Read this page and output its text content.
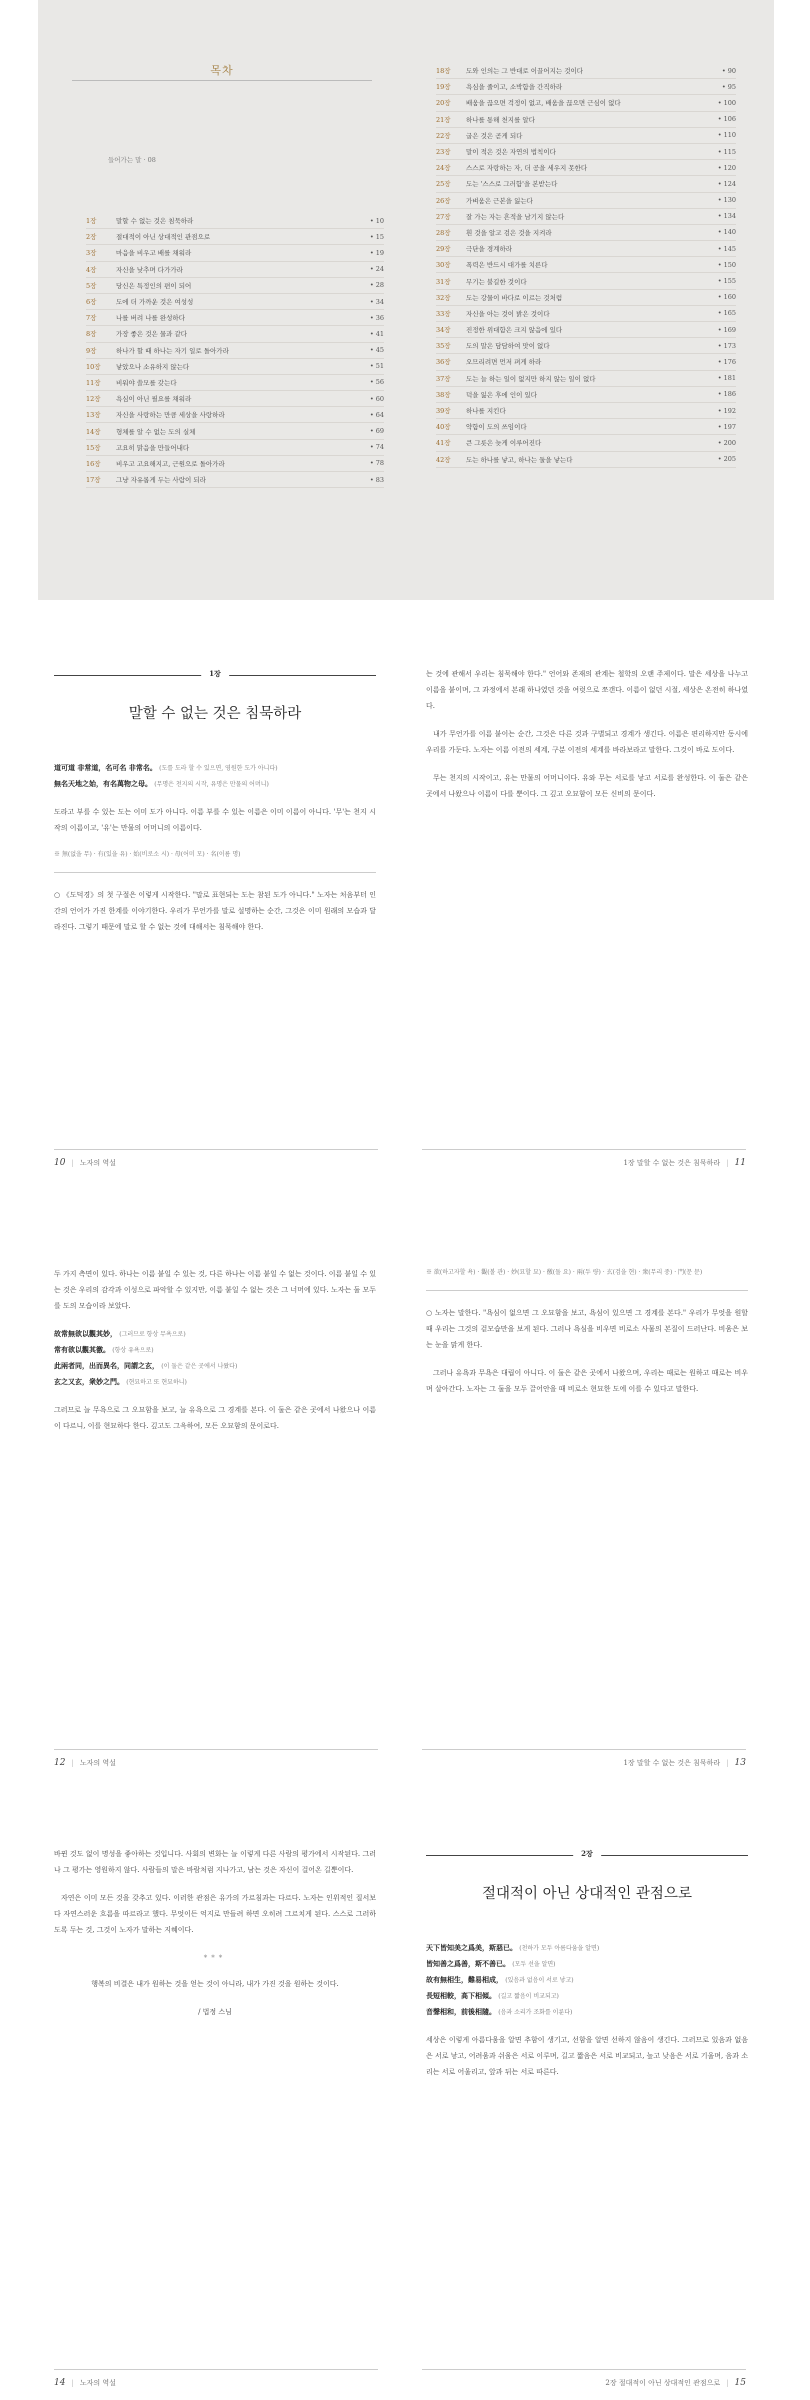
목차
들어가는 말 · 08
1장	말할 수 없는 것은 침묵하라	• 10
2장	절대적이 아닌 상대적인 관점으로	• 15
3장	마음을 비우고 배를 채워라	• 19
4장	자신을 낮추며 다가가라	• 24
5장	당신은 특정인의 편이 되어	• 28
6장	도에 더 가까운 것은 여성성	• 34
7장	나를 버려 나를 완성하다	• 36
8장	가장 좋은 것은 물과 같다	• 41
9장	하나가 할 때 하나는 자기 일로 돌아가라	• 45
10장	낳았으나 소유하지 않는다	• 51
11장	비워야 쓸모를 갖는다	• 56
12장	욕심이 아닌 필요를 채워라	• 60
13장	자신을 사랑하는 만큼 세상을 사랑하라	• 64
14장	형체를 알 수 없는 도의 실체	• 69
15장	고요히 맑음을 만들어내다	• 74
16장	비우고 고요해지고, 근원으로 돌아가라	• 78
17장	그냥 자유롭게 두는 사람이 되라	• 83
18장	도와 인의는 그 반대로 이끌어지는 것이다	• 90
19장	욕심을 줄이고, 소박함을 간직하라	• 95
20장	배움을 끊으면 걱정이 없고, 배움을 끊으면 근심이 없다	• 100
21장	하나를 통해 천지를 알다	• 106
22장	굽은 것은 곧게 되다	• 110
23장	말이 적은 것은 자연의 법칙이다	• 115
24장	스스로 자랑하는 자, 더 공을 세우지 못한다	• 120
25장	도는 '스스로 그러함'을 본받는다	• 124
26장	가벼움은 근본을 잃는다	• 130
27장	잘 가는 자는 흔적을 남기지 않는다	• 134
28장	흰 것을 알고 검은 것을 지켜라	• 140
29장	극단을 경계하라	• 145
30장	폭력은 반드시 대가를 치른다	• 150
31장	무기는 불길한 것이다	• 155
32장	도는 강물이 바다로 이르는 것처럼	• 160
33장	자신을 아는 것이 밝은 것이다	• 165
34장	진정한 위대함은 크지 않음에 있다	• 169
35장	도의 말은 담담하여 맛이 없다	• 173
36장	오므리려면 먼저 펴게 하라	• 176
37장	도는 늘 하는 일이 없지만 하지 않는 일이 없다	• 181
38장	덕을 잃은 후에 인이 있다	• 186
39장	하나를 지킨다	• 192
40장	약함이 도의 쓰임이다	• 197
41장	큰 그릇은 늦게 이루어진다	• 200
42장	도는 하나를 낳고, 하나는 둘을 낳는다	• 205
1장
말할 수 없는 것은 침묵하라

道可道 非常道，名可名 非常名。 (도를 도라 할 수 있으면, 영원한 도가 아니다)
無名天地之始，有名萬物之母。 (무명은 천지의 시작, 유명은 만물의 어머니)

도라고 부를 수 있는 도는 이미 도가 아니다. 이름 부를 수 있는 이름은 이미 이름이 아니다. '무'는 천지 시작의 이름이고, '유'는 만물의 어머니의 이름이다.

※ 無(없을 무) · 有(있을 유) · 始(비로소 시) · 母(어미 모) · 名(이름 명)

○ 《도덕경》의 첫 구절은 이렇게 시작한다. "말로 표현되는 도는 참된 도가 아니다." 노자는 처음부터 인간의 언어가 가진 한계를 이야기한다. 우리가 무언가를 말로 설명하는 순간, 그것은 이미 원래의 모습과 달라진다. 그렇기 때문에 말로 할 수 없는 것에 대해서는 침묵해야 한다.

10 | 노자의 역설

는 것에 관해서 우리는 침묵해야 한다." 언어와 존재의 관계는 철학의 오랜 주제이다. 말은 세상을 나누고 이름을 붙이며, 그 과정에서 본래 하나였던 것을 여럿으로 쪼갠다. 이름이 없던 시절, 세상은 온전히 하나였다.

내가 무언가를 이름 붙이는 순간, 그것은 다른 것과 구별되고 경계가 생긴다. 이름은 편리하지만 동시에 우리를 가둔다. 노자는 이름 이전의 세계, 구분 이전의 세계를 바라보라고 말한다. 그것이 바로 도이다.

무는 천지의 시작이고, 유는 만물의 어머니이다. 유와 무는 서로를 낳고 서로를 완성한다. 이 둘은 같은 곳에서 나왔으나 이름이 다를 뿐이다. 그 깊고 오묘함이 모든 신비의 문이다.

1장 말할 수 없는 것은 침묵하라 | 11

두 가지 측면이 있다. 하나는 이름 붙일 수 있는 것, 다른 하나는 이름 붙일 수 없는 것이다. 이름 붙일 수 있는 것은 우리의 감각과 이성으로 파악할 수 있지만, 이름 붙일 수 없는 것은 그 너머에 있다. 노자는 둘 모두를 도의 모습이라 보았다.

故常無欲以觀其妙， (그러므로 항상 무욕으로)
常有欲以觀其徼。 (항상 유욕으로)
此兩者同，出而異名，同謂之玄， (이 둘은 같은 곳에서 나왔다)
玄之又玄，衆妙之門。 (현묘하고 또 현묘하니)

그러므로 늘 무욕으로 그 오묘함을 보고, 늘 유욕으로 그 경계를 본다. 이 둘은 같은 곳에서 나왔으나 이름이 다르니, 이를 현묘하다 한다. 깊고도 그윽하여, 모든 오묘함의 문이로다.

12 | 노자의 역설
※ 欲(하고자할 욕) · 觀(볼 관) · 妙(묘할 묘) · 徼(돌 요) · 兩(두 량) · 玄(검을 현) · 衆(무리 중) · 門(문 문)

○ 노자는 말한다. "욕심이 없으면 그 오묘함을 보고, 욕심이 있으면 그 경계를 본다." 우리가 무엇을 원할 때 우리는 그것의 겉모습만을 보게 된다. 그러나 욕심을 비우면 비로소 사물의 본질이 드러난다. 비움은 보는 눈을 맑게 한다.

그러나 유욕과 무욕은 대립이 아니다. 이 둘은 같은 곳에서 나왔으며, 우리는 때로는 원하고 때로는 비우며 살아간다. 노자는 그 둘을 모두 끌어안을 때 비로소 현묘한 도에 이를 수 있다고 말한다.

1장 말할 수 없는 것은 침묵하라 | 13

바뀐 것도 없이 명성을 좋아하는 것입니다. 사회의 변화는 늘 이렇게 다른 사람의 평가에서 시작된다. 그러나 그 평가는 영원하지 않다. 사람들의 말은 바람처럼 지나가고, 남는 것은 자신이 걸어온 길뿐이다.

자연은 이미 모든 것을 갖추고 있다. 이러한 관점은 유가의 가르침과는 다르다. 노자는 인위적인 질서보다 자연스러운 흐름을 따르라고 했다. 무엇이든 억지로 만들려 하면 오히려 그르치게 된다. 스스로 그러하도록 두는 것, 그것이 노자가 말하는 지혜이다.

***

행복의 비결은 내가 원하는 것을 얻는 것이 아니라, 내가 가진 것을 원하는 것이다.

/ 법정 스님

14 | 노자의 역설
2장
절대적이 아닌 상대적인 관점으로

天下皆知美之爲美，斯惡已。 (천하가 모두 아름다움을 알면)
皆知善之爲善，斯不善已。 (모두 선을 알면)
故有無相生，難易相成， (있음과 없음이 서로 낳고)
長短相較，高下相傾。 (길고 짧음이 비교되고)
音聲相和，前後相隨。 (음과 소리가 조화를 이룬다)

세상은 이렇게 아름다움을 알면 추함이 생기고, 선함을 알면 선하지 않음이 생긴다. 그러므로 있음과 없음은 서로 낳고, 어려움과 쉬움은 서로 이루며, 길고 짧음은 서로 비교되고, 높고 낮음은 서로 기울며, 음과 소리는 서로 어울리고, 앞과 뒤는 서로 따른다.

2장 절대적이 아닌 상대적인 관점으로 | 15
